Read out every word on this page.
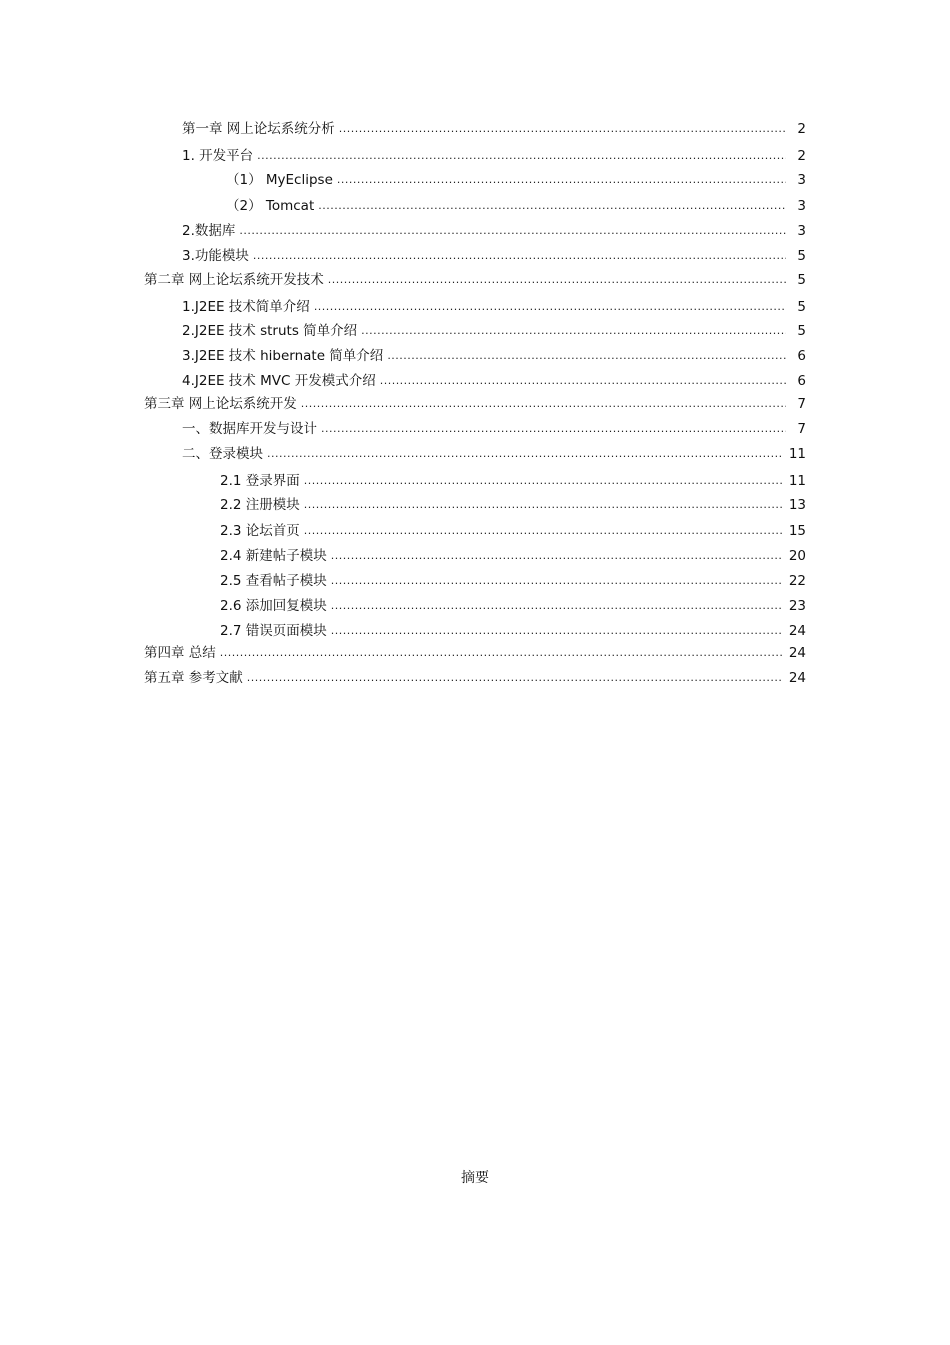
第一章 网上论坛系统分析 .....	2
1. 开发平台 .....	2
（1） MyEclipse .....	3
（2） Tomcat .....	3
2.数据库 .....	3
3.功能模块 .....	5
第二章 网上论坛系统开发技术 .....	5
1.J2EE 技术简单介绍 .....	5
2.J2EE 技术 struts 简单介绍 .....	5
3.J2EE 技术 hibernate 简单介绍 .....	6
4.J2EE 技术 MVC 开发模式介绍 .....	6
第三章 网上论坛系统开发 .....	7
一、数据库开发与设计 .....	7
二、登录模块 .....	11
2.1 登录界面 .....	11
2.2 注册模块 .....	13
2.3 论坛首页 .....	15
2.4 新建帖子模块 .....	20
2.5 查看帖子模块 .....	22
2.6 添加回复模块 .....	23
2.7 错误页面模块 .....	24
第四章 总结 .....	24
第五章 参考文献 .....	24
摘要
